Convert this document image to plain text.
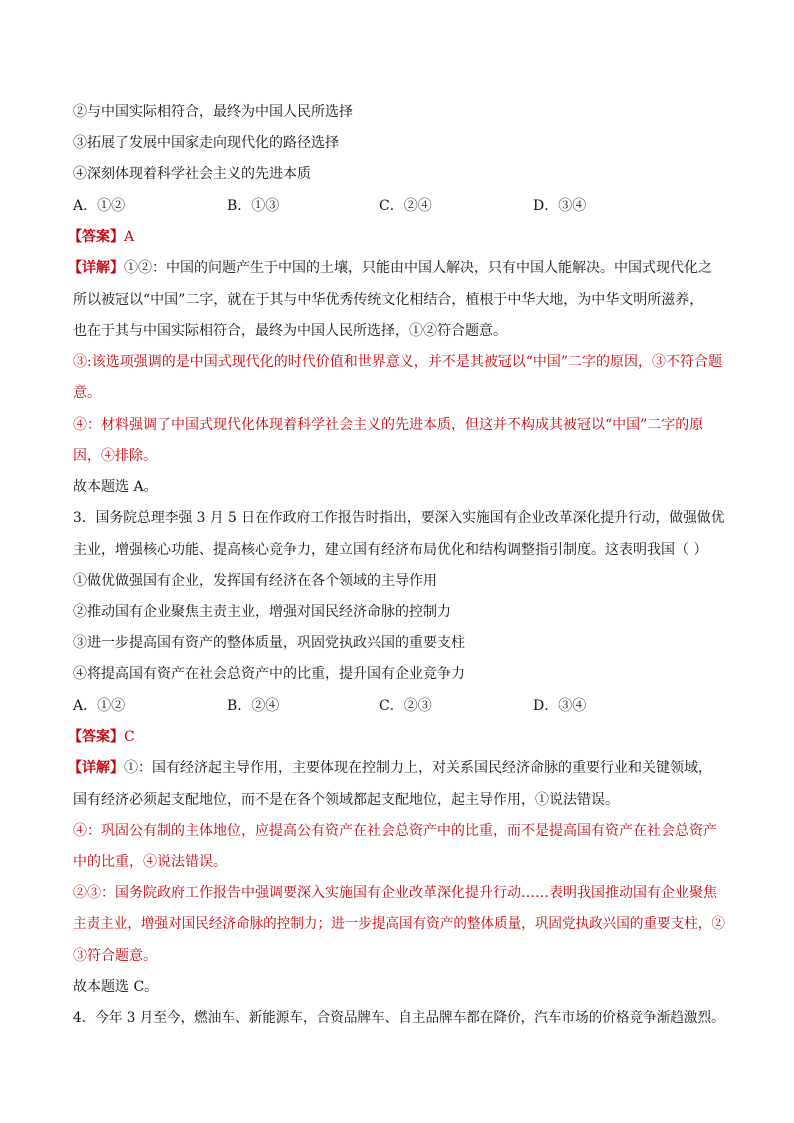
②与中国实际相符合，最终为中国人民所选择
③拓展了发展中国家走向现代化的路径选择
④深刻体现着科学社会主义的先进本质
A．①②	B．①③	C．②④	D．③④
【答案】A
【详解】①②：中国的问题产生于中国的土壤，只能由中国人解决，只有中国人能解决。中国式现代化之
所以被冠以“中国”二字，就在于其与中华优秀传统文化相结合，植根于中华大地，为中华文明所滋养，
也在于其与中国实际相符合，最终为中国人民所选择，①②符合题意。
③:该选项强调的是中国式现代化的时代价值和世界意义，并不是其被冠以“中国”二字的原因，③不符合题
意。
④：材料强调了中国式现代化体现着科学社会主义的先进本质，但这并不构成其被冠以“中国”二字的原
因，④排除。
故本题选 A。
3．国务院总理李强 3 月 5 日在作政府工作报告时指出，要深入实施国有企业改革深化提升行动，做强做优
主业，增强核心功能、提高核心竞争力，建立国有经济布局优化和结构调整指引制度。这表明我国（ ）
①做优做强国有企业，发挥国有经济在各个领域的主导作用
②推动国有企业聚焦主责主业，增强对国民经济命脉的控制力
③进一步提高国有资产的整体质量，巩固党执政兴国的重要支柱
④将提高国有资产在社会总资产中的比重，提升国有企业竞争力
A．①②	B．②④	C．②③	D．③④
【答案】C
【详解】①：国有经济起主导作用，主要体现在控制力上，对关系国民经济命脉的重要行业和关键领域，
国有经济必须起支配地位，而不是在各个领域都起支配地位，起主导作用，①说法错误。
④：巩固公有制的主体地位，应提高公有资产在社会总资产中的比重，而不是提高国有资产在社会总资产
中的比重，④说法错误。
②③：国务院政府工作报告中强调要深入实施国有企业改革深化提升行动……表明我国推动国有企业聚焦
主责主业，增强对国民经济命脉的控制力；进一步提高国有资产的整体质量，巩固党执政兴国的重要支柱，②
③符合题意。
故本题选 C。
4．今年 3 月至今，燃油车、新能源车，合资品牌车、自主品牌车都在降价，汽车市场的价格竞争渐趋激烈。
